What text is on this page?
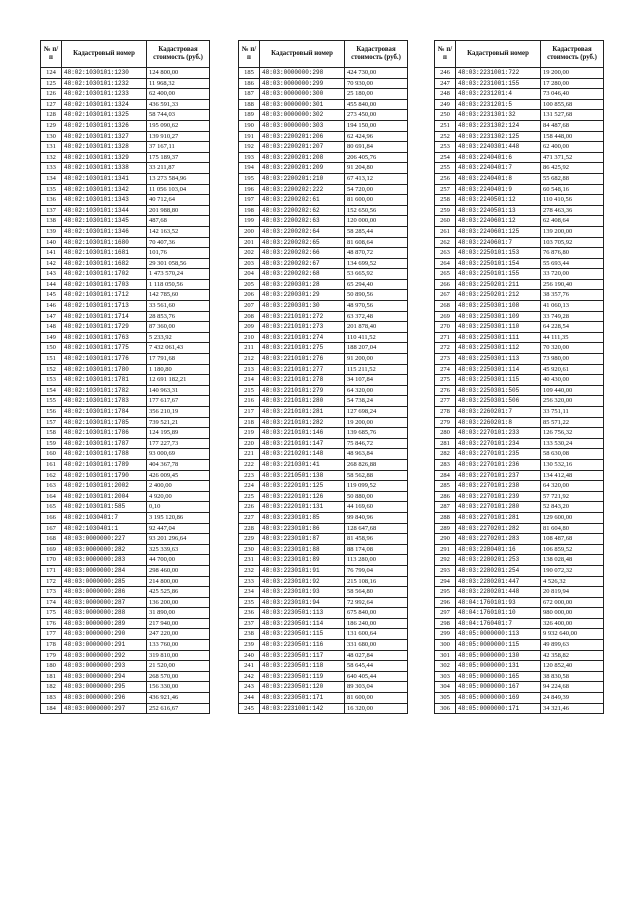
№ п/п	Кадастровый номер	Кадастровая стоимость (руб.)
124	48:02:1030101:1230	124 800,00
125	48:02:1030101:1232	11 968,32
126	48:02:1030101:1233	62 400,00
127	48:02:1030101:1324	436 591,33
128	48:02:1030101:1325	58 744,03
129	48:02:1030101:1326	195 090,62
130	48:02:1030101:1327	139 910,27
131	48:02:1030101:1328	37 167,11
132	48:02:1030101:1329	175 189,37
133	48:02:1030101:1338	33 211,87
134	48:02:1030101:1341	13 273 584,96
135	48:02:1030101:1342	11 056 103,04
136	48:02:1030101:1343	40 712,64
137	48:02:1030101:1344	201 988,80
138	48:02:1030101:1345	487,68
139	48:02:1030101:1346	142 163,52
140	48:02:1030101:1680	70 407,36
141	48:02:1030101:1681	101,76
142	48:02:1030101:1682	29 301 058,56
143	48:02:1030101:1702	1 473 570,24
144	48:02:1030101:1703	1 118 050,56
145	48:02:1030101:1712	142 785,60
146	48:02:1030101:1713	33 561,60
147	48:02:1030101:1714	28 853,76
148	48:02:1030101:1729	87 360,00
149	48:02:1030101:1763	5 233,92
150	48:02:1030101:1775	7 432 061,43
151	48:02:1030101:1776	17 791,68
152	48:02:1030101:1780	1 180,80
153	48:02:1030101:1781	12 691 182,21
154	48:02:1030101:1782	140 963,31
155	48:02:1030101:1783	177 617,67
156	48:02:1030101:1784	356 210,19
157	48:02:1030101:1785	739 521,21
158	48:02:1030101:1786	124 195,89
159	48:02:1030101:1787	177 227,73
160	48:02:1030101:1788	93 000,69
161	48:02:1030101:1789	404 367,78
162	48:02:1030101:1790	426 009,45
163	48:02:1030101:2002	2 400,00
164	48:02:1030101:2004	4 920,00
165	48:02:1030101:585	0,10
166	48:02:1030401:7	3 195 120,86
167	48:02:1030401:1	92 447,04
168	48:03:0000000:227	93 201 296,64
169	48:03:0000000:282	325 339,63
170	48:03:0000000:283	44 700,00
171	48:03:0000000:284	298 460,00
172	48:03:0000000:285	214 800,00
173	48:03:0000000:286	425 525,86
174	48:03:0000000:287	136 200,00
175	48:03:0000000:288	31 890,00
176	48:03:0000000:289	217 940,00
177	48:03:0000000:290	247 220,00
178	48:03:0000000:291	133 760,00
179	48:03:0000000:292	319 810,00
180	48:03:0000000:293	21 520,00
181	48:03:0000000:294	268 570,00
182	48:03:0000000:295	156 330,00
183	48:03:0000000:296	436 921,46
184	48:03:0000000:297	252 616,67
№ п/п	Кадастровый номер	Кадастровая стоимость (руб.)
185	48:03:0000000:298	424 730,00
186	48:03:0000000:299	70 930,00
187	48:03:0000000:300	25 180,00
188	48:03:0000000:301	455 840,00
189	48:03:0000000:302	273 450,00
190	48:03:0000000:303	194 150,00
191	48:03:2200201:206	62 424,96
192	48:03:2200201:207	80 691,84
193	48:03:2200201:208	206 405,76
194	48:03:2200201:209	91 204,80
195	48:03:2200201:210	67 413,12
196	48:03:2200202:222	54 720,00
197	48:03:2200202:61	81 600,00
198	48:03:2200202:62	152 650,56
199	48:03:2200202:63	120 000,00
200	48:03:2200202:64	58 285,44
201	48:03:2200202:65	81 608,64
202	48:03:2200202:66	48 870,72
203	48:03:2200202:67	134 699,52
204	48:03:2200202:68	53 665,92
205	48:03:2200301:28	65 294,40
206	48:03:2200301:29	50 890,56
207	48:03:2200301:30	48 970,56
208	48:03:2210101:272	63 372,48
209	48:03:2210101:273	201 878,40
210	48:03:2210101:274	110 411,52
211	48:03:2210101:275	188 207,04
212	48:03:2210101:276	91 200,00
213	48:03:2210101:277	115 211,52
214	48:03:2210101:278	34 107,84
215	48:03:2210101:279	64 320,00
216	48:03:2210101:280	54 738,24
217	48:03:2210101:281	127 698,24
218	48:03:2210101:282	19 200,00
219	48:03:2210101:146	139 685,76
220	48:03:2210101:147	75 846,72
221	48:03:2210201:148	48 963,84
222	48:03:2210301:41	268 826,88
223	48:03:2210501:138	58 562,88
224	48:03:2220101:125	119 099,52
225	48:03:2220101:126	50 880,00
226	48:03:2220101:131	44 169,60
227	48:03:2230101:85	99 840,96
228	48:03:2230101:86	128 647,68
229	48:03:2230101:87	81 458,96
230	48:03:2230101:88	88 174,08
231	48:03:2230101:89	113 280,00
232	48:03:2230101:91	76 799,04
233	48:03:2230101:92	215 108,16
234	48:03:2230101:93	58 564,80
235	48:03:2230101:94	72 992,64
236	48:03:2230501:113	675 840,00
237	48:03:2230501:114	186 240,00
238	48:03:2230501:115	131 600,64
239	48:03:2230501:116	331 680,00
240	48:03:2230501:117	48 027,84
241	48:03:2230501:118	58 645,44
242	48:03:2230501:119	640 405,44
243	48:03:2230501:120	89 303,04
244	48:03:2230501:171	81 600,00
245	48:03:2231001:142	16 320,00
№ п/п	Кадастровый номер	Кадастровая стоимость (руб.)
246	48:03:2231001:722	19 200,00
247	48:03:2231001:155	17 280,00
248	48:03:2231201:4	73 046,40
249	48:03:2231201:5	100 855,68
250	48:03:2231301:32	131 527,68
251	48:03:2231302:124	84 487,68
252	48:03:2231302:125	158 448,00
253	48:03:2240301:448	62 400,00
254	48:03:2240401:6	471 371,52
255	48:03:2240401:7	86 425,92
256	48:03:2240401:8	55 682,88
257	48:03:2240401:9	60 548,16
258	48:03:2240501:12	110 410,56
259	48:03:2240501:13	278 463,36
260	48:03:2240601:12	62 408,64
261	48:03:2240601:125	139 200,00
262	48:03:2240601:7	103 705,92
263	48:03:2250101:153	76 876,80
264	48:03:2250101:154	55 693,44
265	48:03:2250101:155	33 720,00
266	48:03:2250201:211	256 190,40
267	48:03:2250201:212	38 357,76
268	48:03:2250301:108	41 060,13
269	48:03:2250301:109	33 749,28
270	48:03:2250301:110	64 228,54
271	48:03:2250301:111	44 111,35
272	48:03:2250301:112	70 320,00
273	48:03:2250301:113	73 980,00
274	48:03:2250301:114	45 920,61
275	48:03:2250301:115	40 430,00
276	48:03:2250301:505	109 440,00
277	48:03:2250301:506	256 320,00
278	48:03:2260201:7	33 751,11
279	48:03:2260201:8	85 571,22
280	48:03:2270101:233	126 756,32
281	48:03:2270101:234	133 530,24
282	48:03:2270101:235	58 630,08
283	48:03:2270101:236	130 532,16
284	48:03:2270101:237	134 412,48
285	48:03:2270101:238	64 320,00
286	48:03:2270101:239	57 721,92
287	48:03:2270101:280	52 843,20
288	48:03:2270101:281	129 600,00
289	48:03:2270201:282	81 604,80
290	48:03:2270201:283	108 487,68
291	48:03:2280401:16	106 859,52
292	48:03:2280201:253	138 028,48
293	48:03:2280201:254	190 072,32
294	48:03:2280201:447	4 526,32
295	48:03:2280201:448	20 819,94
296	48:04:1760101:93	672 000,00
297	48:04:1760101:10	980 000,00
298	48:04:1760401:7	326 400,00
299	48:05:0000000:113	9 932 640,00
300	48:05:0000000:115	49 899,63
301	48:05:0000000:130	42 358,82
302	48:05:0000000:131	120 852,40
303	48:05:0000000:165	38 830,58
304	48:05:0000000:167	94 224,68
305	48:05:0000000:169	24 849,39
306	48:05:0000000:171	34 321,46
